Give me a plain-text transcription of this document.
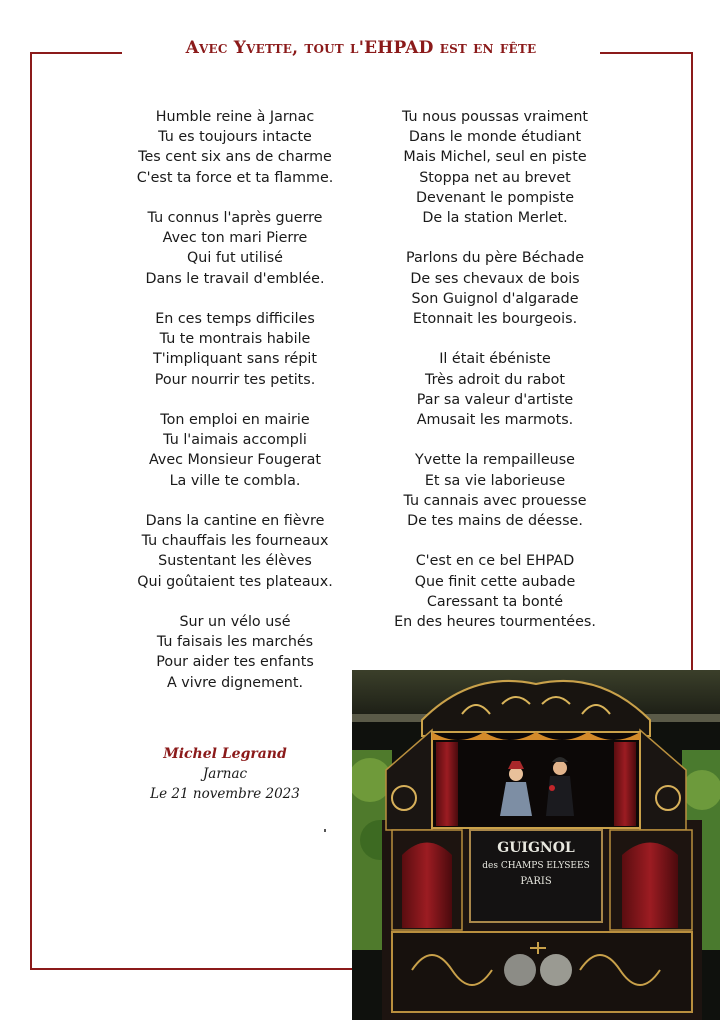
Avec Yvette, tout l'EHPAD est en fête
Humble reine à Jarnac
Tu es toujours intacte
Tes cent six ans de charme
C'est ta force et ta flamme.
Tu connus l'après guerre
Avec ton mari Pierre
Qui fut utilisé
Dans le travail d'emblée.
En ces temps difficiles
Tu te montrais habile
T'impliquant sans répit
Pour nourrir tes petits.
Ton emploi en mairie
Tu l'aimais accompli
Avec Monsieur Fougerat
La ville te combla.
Dans la cantine en fièvre
Tu chauffais les fourneaux
Sustentant les élèves
Qui goûtaient tes plateaux.
Sur un vélo usé
Tu faisais les marchés
Pour aider tes enfants
A vivre dignement.
Tu nous poussas vraiment
Dans le monde étudiant
Mais Michel, seul en piste
Stoppa net au brevet
Devenant le pompiste
De la station Merlet.
Parlons du père Béchade
De ses chevaux de bois
Son Guignol d'algarade
Etonnait les bourgeois.
Il était ébéniste
Très adroit du rabot
Par sa valeur d'artiste
Amusait les marmots.
Yvette la rempailleuse
Et sa vie laborieuse
Tu cannais avec prouesse
De tes mains de déesse.
C'est en ce bel EHPAD
Que finit cette aubade
Caressant ta bonté
En des heures tourmentées.
Michel Legrand
Jarnac
Le 21 novembre 2023
GUIGNOL
des CHAMPS ELYSEES
PARIS
